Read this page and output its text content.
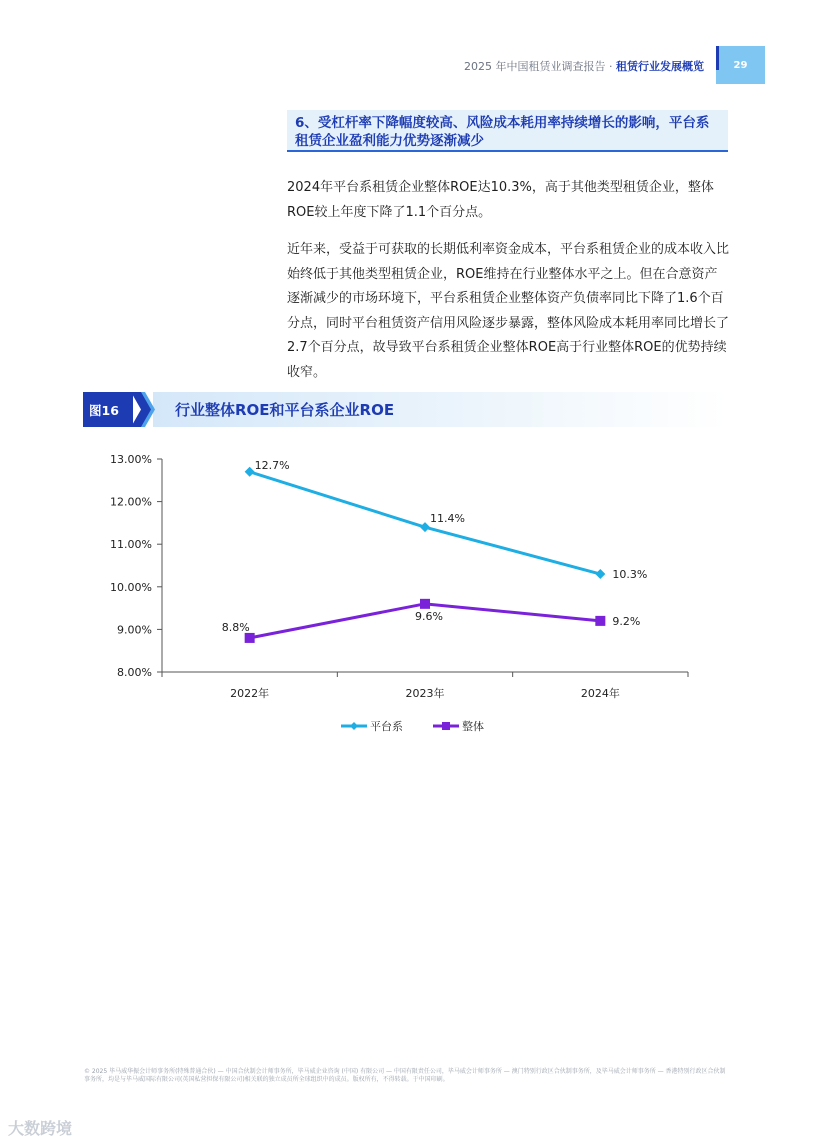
2025 年中国租赁业调查报告 · 租赁行业发展概览	29
6、受杠杆率下降幅度较高、风险成本耗用率持续增长的影响，平台系租赁企业盈利能力优势逐渐减少
2024年平台系租赁企业整体ROE达10.3%，高于其他类型租赁企业，整体ROE较上年度下降了1.1个百分点。
近年来，受益于可获取的长期低利率资金成本，平台系租赁企业的成本收入比始终低于其他类型租赁企业，ROE维持在行业整体水平之上。但在合意资产逐渐减少的市场环境下，平台系租赁企业整体资产负债率同比下降了1.6个百分点，同时平台租赁资产信用风险逐步暴露，整体风险成本耗用率同比增长了2.7个百分点，故导致平台系租赁企业整体ROE高于行业整体ROE的优势持续收窄。
图16	行业整体ROE和平台系企业ROE
8.00%
9.00%
10.00%
11.00%
12.00%
13.00%
2022年	2023年	2024年
12.7%
11.4%
10.3%
8.8%
9.6%	9.2%
平台系	整体
© 2025 毕马威华振会计师事务所(特殊普通合伙) — 中国合伙制会计师事务所，毕马威企业咨询 (中国) 有限公司 — 中国有限责任公司，毕马威会计师事务所 — 澳门特别行政区合伙制事务所，及毕马威会计师事务所 — 香港特别行政区合伙制事务所，均是与毕马威国际有限公司(英国私营担保有限公司)相关联的独立成员所全球组织中的成员。版权所有，不得转载。于中国印刷。
大数跨境
